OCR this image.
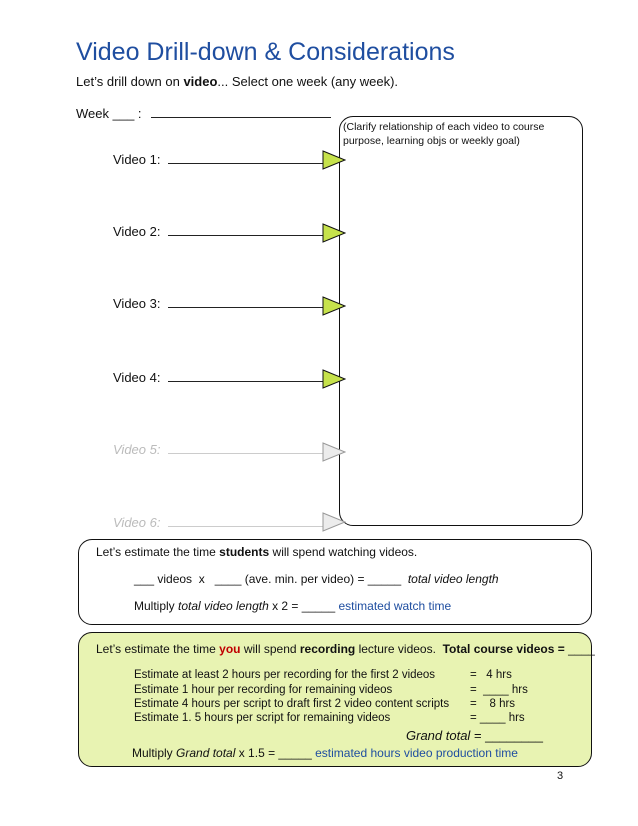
Video Drill-down & Considerations
Let’s drill down on video... Select one week (any week).
Week ___ :
(Clarify relationship of each video to course purpose, learning objs or weekly goal)
Video 1:
Video 2:
Video 3:
Video 4:
Video 5:
Video 6:
Let’s estimate the time students will spend watching videos.
___ videos  x   ____ (ave. min. per video) = _____  total video length
Multiply total video length x 2 = _____ estimated watch time
Let’s estimate the time you will spend recording lecture videos.  Total course videos = ____
Estimate at least 2 hours per recording for the first 2 videos	=   4 hrs
Estimate 1 hour per recording for remaining videos	=  ____ hrs
Estimate 4 hours per script to draft first 2 video content scripts =    8 hrs
Estimate 1. 5 hours per script for remaining videos	= ____ hrs
Grand total = ________
Multiply Grand total x 1.5 = _____ estimated hours video production time
3
